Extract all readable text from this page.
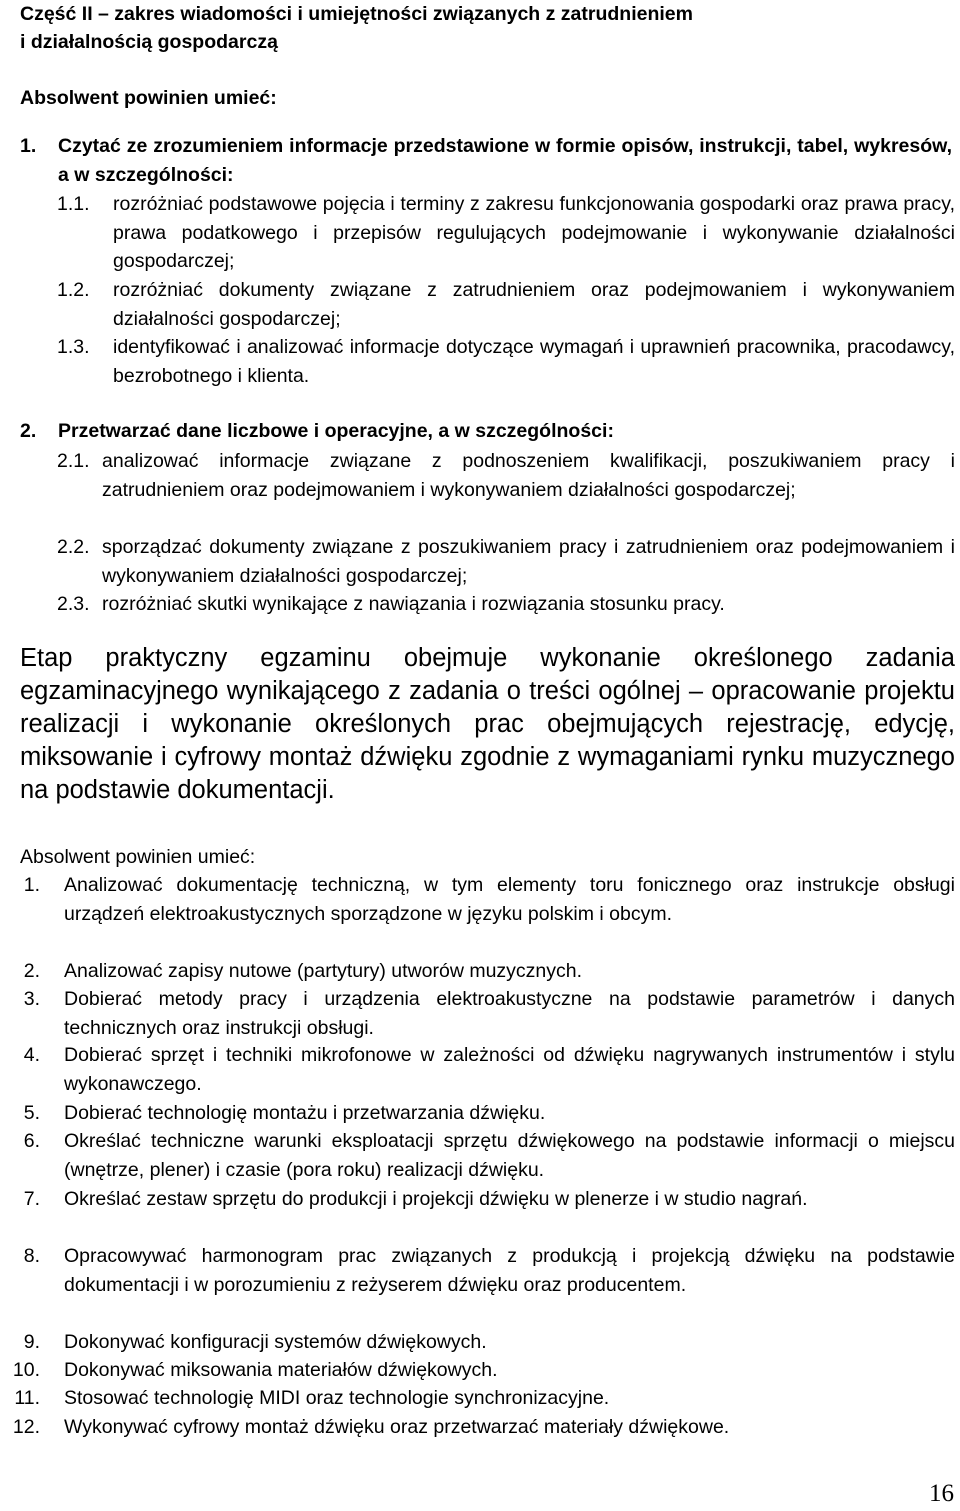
Część II – zakres wiadomości i umiejętności związanych z zatrudnieniem
i działalnością gospodarczą
Absolwent powinien umieć:
1.	Czytać ze zrozumieniem informacje przedstawione w formie opisów, instrukcji, tabel, wykresów, a w szczególności:
1.1.	rozróżniać podstawowe pojęcia i terminy z zakresu funkcjonowania gospodarki oraz prawa pracy, prawa podatkowego i przepisów regulujących podejmowanie i wykonywanie działalności gospodarczej;
1.2.	rozróżniać dokumenty związane z zatrudnieniem oraz podejmowaniem i wykonywaniem działalności gospodarczej;
1.3.	identyfikować i analizować informacje dotyczące wymagań i uprawnień pracownika, pracodawcy, bezrobotnego i klienta.
2.	Przetwarzać dane liczbowe i operacyjne, a w szczególności:
2.1. analizować informacje związane z podnoszeniem kwalifikacji, poszukiwaniem pracy i zatrudnieniem oraz podejmowaniem i wykonywaniem działalności gospodarczej;
2.2. sporządzać dokumenty związane z poszukiwaniem pracy i zatrudnieniem oraz podejmowaniem i wykonywaniem działalności gospodarczej;
2.3. rozróżniać skutki wynikające z nawiązania i rozwiązania stosunku pracy.
Etap praktyczny egzaminu obejmuje wykonanie określonego zadania egzaminacyjnego wynikającego z zadania o treści ogólnej – opracowanie projektu realizacji i wykonanie określonych prac obejmujących rejestrację, edycję, miksowanie i cyfrowy montaż dźwięku zgodnie z wymaganiami rynku muzycznego na podstawie dokumentacji.
Absolwent powinien umieć:
1. Analizować dokumentację techniczną, w tym elementy toru fonicznego oraz instrukcje obsługi urządzeń elektroakustycznych sporządzone w języku polskim i obcym.
2. Analizować zapisy nutowe (partytury) utworów muzycznych.
3. Dobierać metody pracy i urządzenia elektroakustyczne na podstawie parametrów i danych technicznych oraz instrukcji obsługi.
4. Dobierać sprzęt i techniki mikrofonowe w zależności od dźwięku nagrywanych instrumentów i stylu wykonawczego.
5. Dobierać technologię montażu i przetwarzania dźwięku.
6. Określać techniczne warunki eksploatacji sprzętu dźwiękowego na podstawie informacji o miejscu (wnętrze, plener) i czasie (pora roku) realizacji dźwięku.
7. Określać zestaw sprzętu do produkcji i projekcji dźwięku w plenerze i w studio nagrań.
8. Opracowywać harmonogram prac związanych z produkcją i projekcją dźwięku na podstawie dokumentacji i w porozumieniu z reżyserem dźwięku oraz producentem.
9. Dokonywać konfiguracji systemów dźwiękowych.
10. Dokonywać miksowania materiałów dźwiękowych.
11. Stosować technologię MIDI oraz technologie synchronizacyjne.
12. Wykonywać cyfrowy montaż dźwięku oraz przetwarzać materiały dźwiękowe.
16
